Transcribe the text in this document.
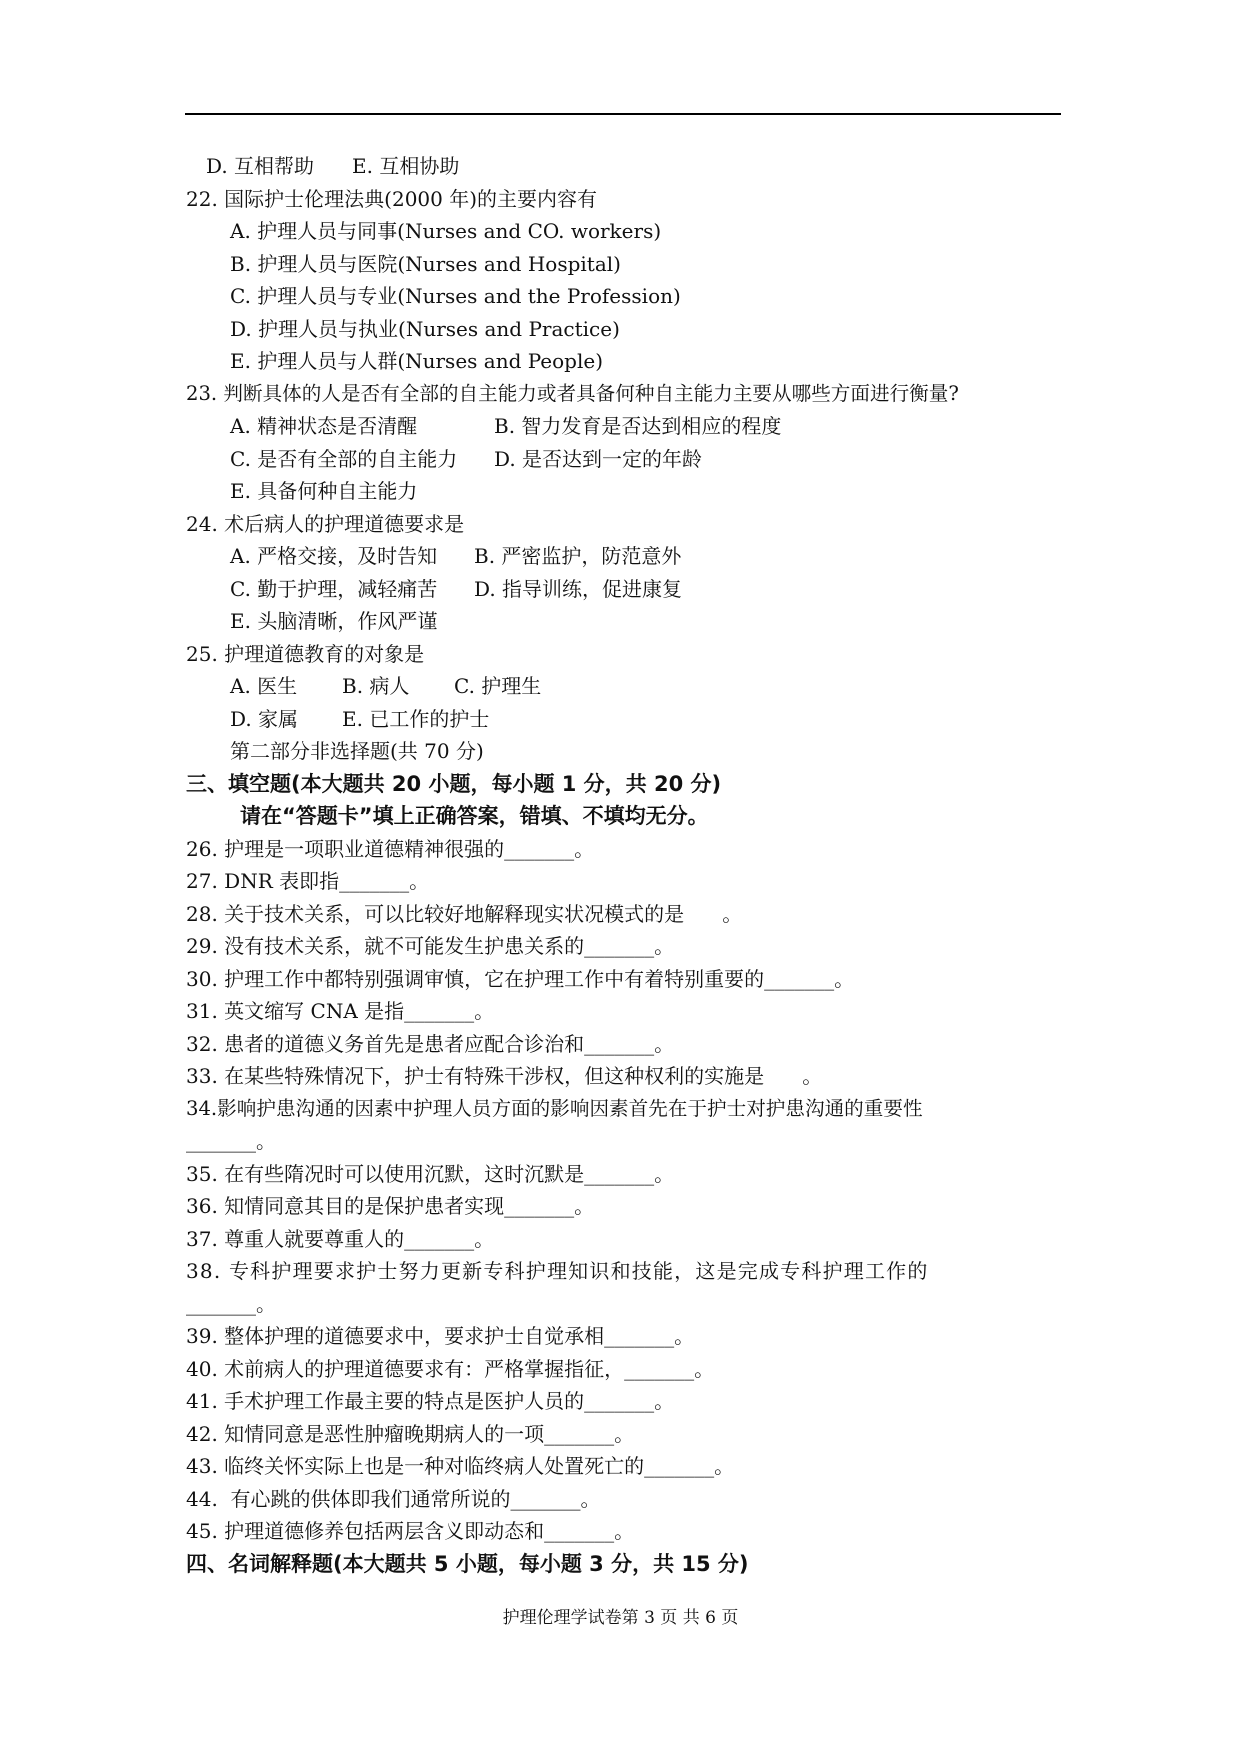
D. 互相帮助 E. 互相协助
22. 国际护士伦理法典(2000 年)的主要内容有
A. 护理人员与同事(Nurses and CO. workers)
B. 护理人员与医院(Nurses and Hospital)
C. 护理人员与专业(Nurses and the Profession)
D. 护理人员与执业(Nurses and Practice)
E. 护理人员与人群(Nurses and People)
23. 判断具体的人是否有全部的自主能力或者具备何种自主能力主要从哪些方面进行衡量?
A. 精神状态是否清醒	B. 智力发育是否达到相应的程度
C. 是否有全部的自主能力 D. 是否达到一定的年龄
E. 具备何种自主能力
24. 术后病人的护理道德要求是
A. 严格交接，及时告知 B. 严密监护，防范意外
C. 勤于护理，减轻痛苦 D. 指导训练，促进康复
E. 头脑清晰，作风严谨
25. 护理道德教育的对象是
A. 医生 B. 病人 C. 护理生
D. 家属 E. 已工作的护士
第二部分非选择题(共 70 分)
三、填空题(本大题共 20 小题，每小题 1 分，共 20 分)
请在“答题卡”填上正确答案，错填、不填均无分。
26. 护理是一项职业道德精神很强的_______。
27. DNR 表即指_______。
28. 关于技术关系，可以比较好地解释现实状况模式的是      。
29. 没有技术关系，就不可能发生护患关系的_______。
30. 护理工作中都特别强调审慎，它在护理工作中有着特别重要的_______。
31. 英文缩写 CNA 是指_______。
32. 患者的道德义务首先是患者应配合诊治和_______。
33. 在某些特殊情况下，护士有特殊干涉权，但这种权利的实施是      。
34.影响护患沟通的因素中护理人员方面的影响因素首先在于护士对护患沟通的重要性
_______。
35. 在有些隋况时可以使用沉默，这时沉默是_______。
36. 知情同意其目的是保护患者实现_______。
37. 尊重人就要尊重人的_______。
38. 专科护理要求护士努力更新专科护理知识和技能，这是完成专科护理工作的
_______。
39. 整体护理的道德要求中，要求护士自觉承相_______。
40. 术前病人的护理道德要求有：严格掌握指征，_______。
41. 手术护理工作最主要的特点是医护人员的_______。
42. 知情同意是恶性肿瘤晚期病人的一项_______。
43. 临终关怀实际上也是一种对临终病人处置死亡的_______。
44.  有心跳的供体即我们通常所说的_______。
45. 护理道德修养包括两层含义即动态和_______。
四、名词解释题(本大题共 5 小题，每小题 3 分，共 15 分)
护理伦理学试卷第 3 页 共 6 页
